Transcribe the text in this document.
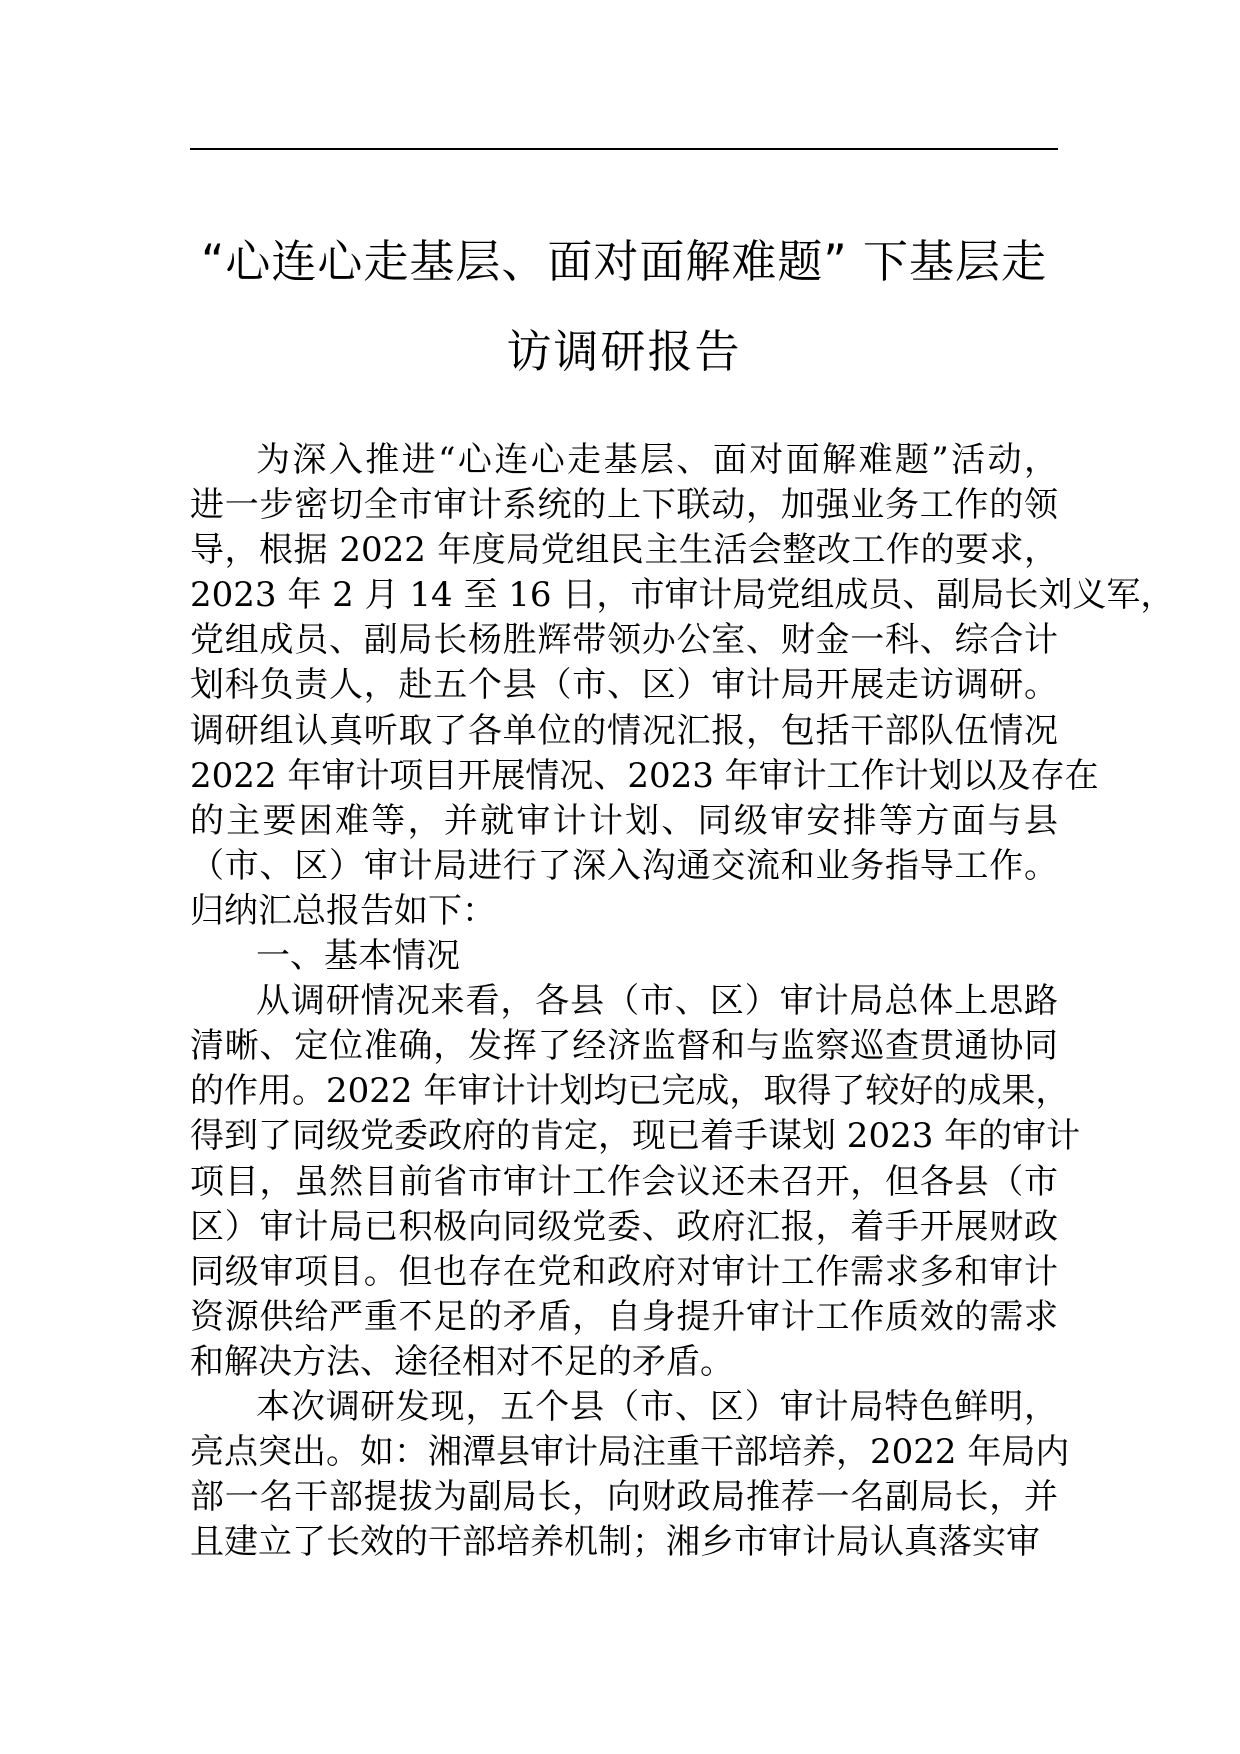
“心连心走基层、面对面解难题” 下基层走
访调研报告
为深入推进“心连心走基层、面对面解难题”活动，
进一步密切全市审计系统的上下联动，加强业务工作的领
导，根据 2022 年度局党组民主生活会整改工作的要求，
2023 年 2 月 14 至 16 日，市审计局党组成员、副局长刘义军，
党组成员、副局长杨胜辉带领办公室、财金一科、综合计
划科负责人，赴五个县（市、区）审计局开展走访调研。
调研组认真听取了各单位的情况汇报，包括干部队伍情况
2022 年审计项目开展情况、2023 年审计工作计划以及存在
的主要困难等，并就审计计划、同级审安排等方面与县
（市、区）审计局进行了深入沟通交流和业务指导工作。
归纳汇总报告如下：
一、基本情况
从调研情况来看，各县（市、区）审计局总体上思路
清晰、定位准确，发挥了经济监督和与监察巡查贯通协同
的作用。2022 年审计计划均已完成，取得了较好的成果，
得到了同级党委政府的肯定，现已着手谋划 2023 年的审计
项目，虽然目前省市审计工作会议还未召开，但各县（市
区）审计局已积极向同级党委、政府汇报，着手开展财政
同级审项目。但也存在党和政府对审计工作需求多和审计
资源供给严重不足的矛盾，自身提升审计工作质效的需求
和解决方法、途径相对不足的矛盾。
本次调研发现，五个县（市、区）审计局特色鲜明，
亮点突出。如：湘潭县审计局注重干部培养，2022 年局内
部一名干部提拔为副局长，向财政局推荐一名副局长，并
且建立了长效的干部培养机制；湘乡市审计局认真落实审
